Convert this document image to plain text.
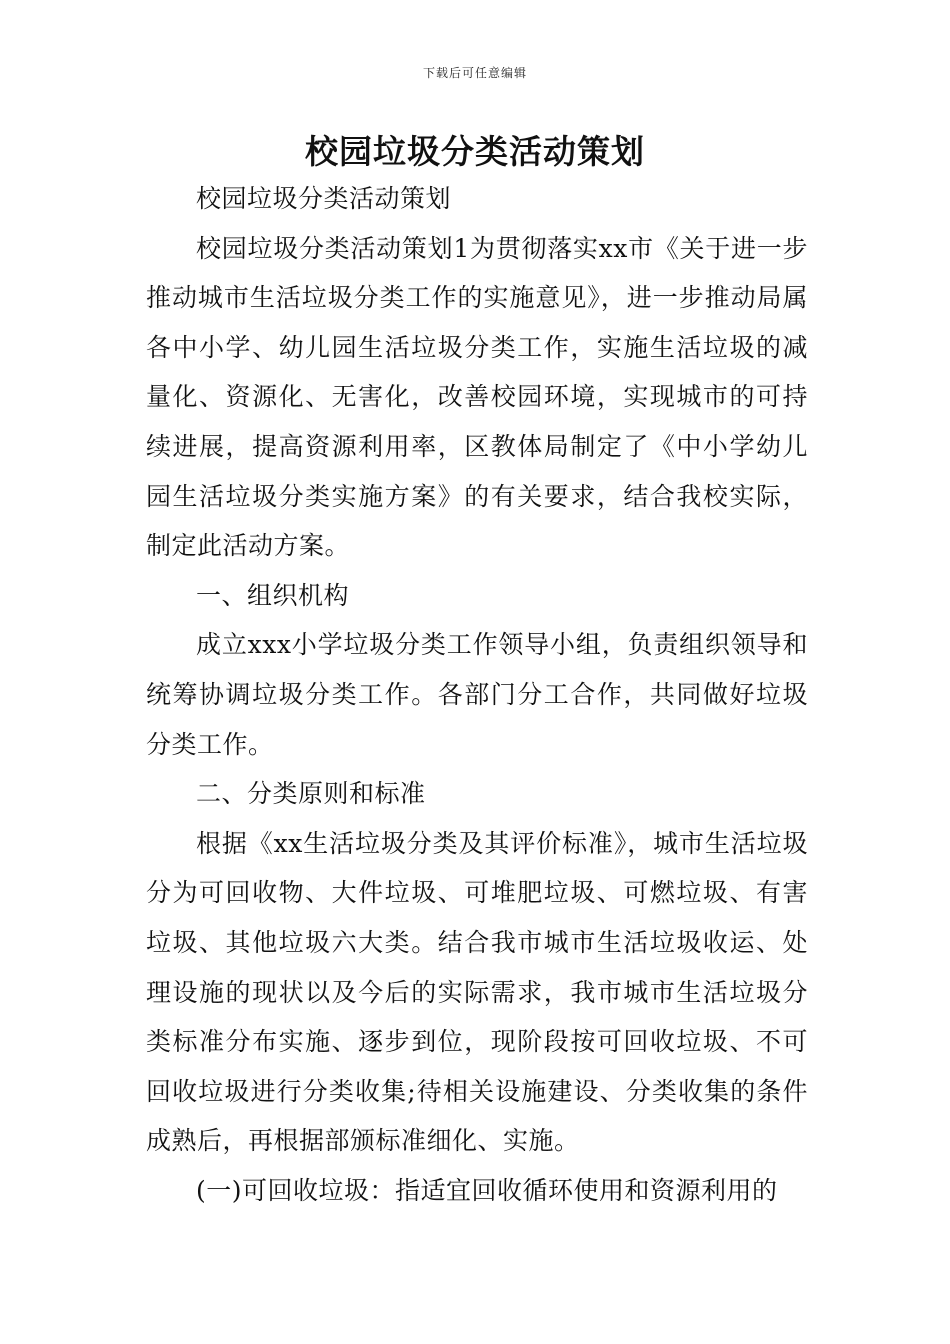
下载后可任意编辑
校园垃圾分类活动策划

校园垃圾分类活动策划

校园垃圾分类活动策划1为贯彻落实xx市《关于进一步推动城市生活垃圾分类工作的实施意见》，进一步推动局属各中小学、幼儿园生活垃圾分类工作，实施生活垃圾的减量化、资源化、无害化，改善校园环境，实现城市的可持续进展，提高资源利用率，区教体局制定了《中小学幼儿园生活垃圾分类实施方案》的有关要求，结合我校实际，制定此活动方案。

一、组织机构

成立xxx小学垃圾分类工作领导小组，负责组织领导和统筹协调垃圾分类工作。各部门分工合作，共同做好垃圾分类工作。

二、分类原则和标准

根据《xx生活垃圾分类及其评价标准》，城市生活垃圾分为可回收物、大件垃圾、可堆肥垃圾、可燃垃圾、有害垃圾、其他垃圾六大类。结合我市城市生活垃圾收运、处理设施的现状以及今后的实际需求，我市城市生活垃圾分类标准分布实施、逐步到位，现阶段按可回收垃圾、不可回收垃圾进行分类收集;待相关设施建设、分类收集的条件成熟后，再根据部颁标准细化、实施。

(一)可回收垃圾：指适宜回收循环使用和资源利用的
